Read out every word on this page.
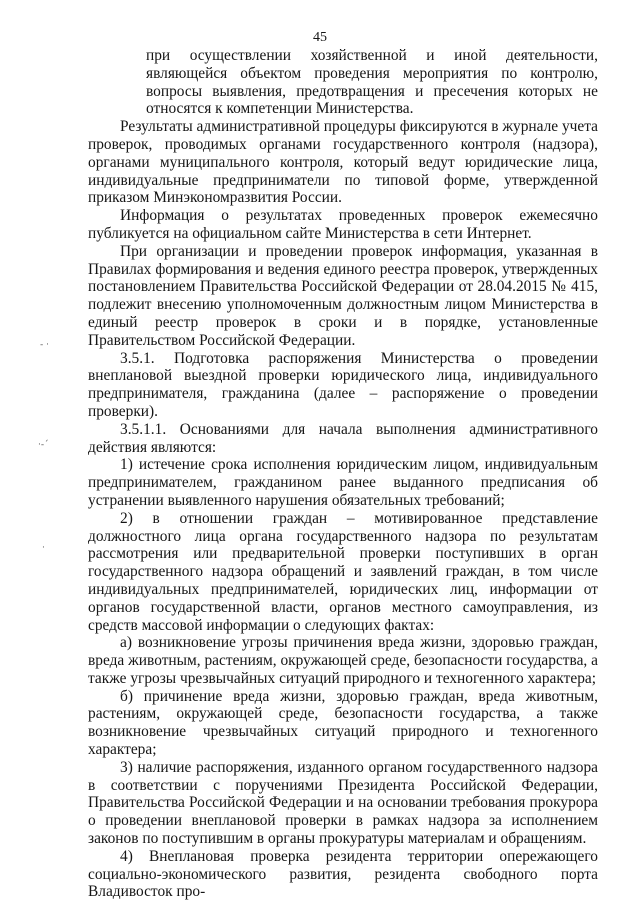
45

при осуществлении хозяйственной и иной деятельности, являющейся объектом проведения мероприятия по контролю, вопросы выявления, предотвращения и пресечения которых не относятся к компетенции Министерства.

Результаты административной процедуры фиксируются в журнале учета проверок, проводимых органами государственного контроля (надзора), органами муниципального контроля, который ведут юридические лица, индивидуальные предприниматели по типовой форме, утвержденной приказом Минэкономразвития России.

Информация о результатах проведенных проверок ежемесячно публикуется на официальном сайте Министерства в сети Интернет.

При организации и проведении проверок информация, указанная в Правилах формирования и ведения единого реестра проверок, утвержденных постановлением Правительства Российской Федерации от 28.04.2015 № 415, подлежит внесению уполномоченным должностным лицом Министерства в единый реестр проверок в сроки и в порядке, установленные Правительством Российской Федерации.

3.5.1. Подготовка распоряжения Министерства о проведении внеплановой выездной проверки юридического лица, индивидуального предпринимателя, гражданина (далее – распоряжение о проведении проверки).

3.5.1.1. Основаниями для начала выполнения административного действия являются:

1) истечение срока исполнения юридическим лицом, индивидуальным предпринимателем, гражданином ранее выданного предписания об устранении выявленного нарушения обязательных требований;

2) в отношении граждан – мотивированное представление должностного лица органа государственного надзора по результатам рассмотрения или предварительной проверки поступивших в орган государственного надзора обращений и заявлений граждан, в том числе индивидуальных предпринимателей, юридических лиц, информации от органов государственной власти, органов местного самоуправления, из средств массовой информации о следующих фактах:

а) возникновение угрозы причинения вреда жизни, здоровью граждан, вреда животным, растениям, окружающей среде, безопасности государства, а также угрозы чрезвычайных ситуаций природного и техногенного характера;

б) причинение вреда жизни, здоровью граждан, вреда животным, растениям, окружающей среде, безопасности государства, а также возникновение чрезвычайных ситуаций природного и техногенного характера;

3) наличие распоряжения, изданного органом государственного надзора в соответствии с поручениями Президента Российской Федерации, Правительства Российской Федерации и на основании требования прокурора о проведении внеплановой проверки в рамках надзора за исполнением законов по поступившим в органы прокуратуры материалам и обращениям.

4) Внеплановая проверка резидента территории опережающего социально-экономического развития, резидента свободного порта Владивосток про-

‐ ·
·‐´
·
